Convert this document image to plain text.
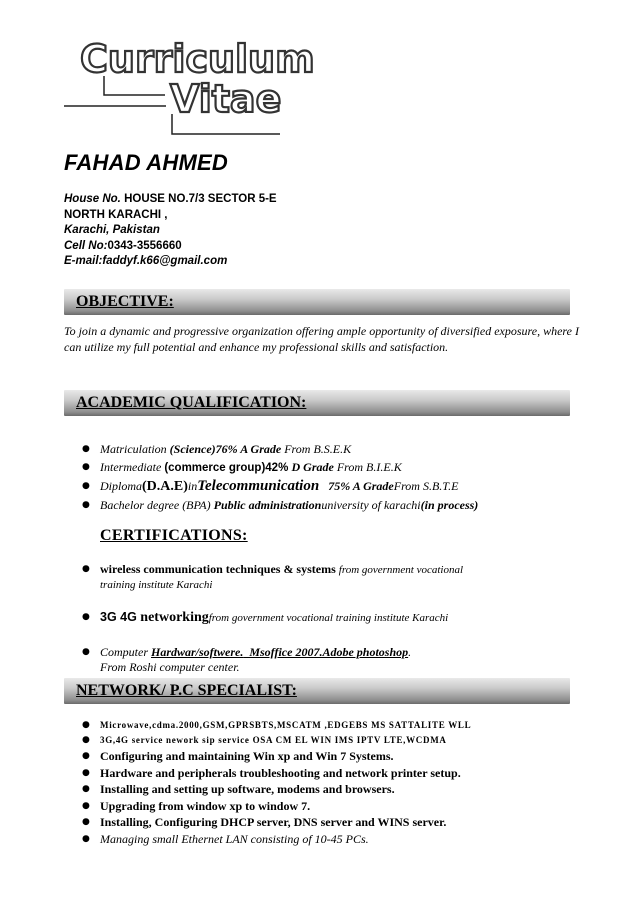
Curriculum
Vitae
FAHAD AHMED
House No. HOUSE NO.7/3 SECTOR 5-E
NORTH KARACHI ,
Karachi, Pakistan
Cell No:0343-3556660
E-mail:faddyf.k66@gmail.com
OBJECTIVE:
To join a dynamic and progressive organization offering ample opportunity of diversified exposure, where I can utilize my full potential and enhance my professional skills and satisfaction.
ACADEMIC QUALIFICATION:
● Matriculation (Science)76% A Grade From B.S.E.K
● Intermediate (commerce group)42% D Grade From B.I.E.K
● Diploma(D.A.E)inTelecommunication   75% A GradeFrom S.B.T.E
● Bachelor degree (BPA) Public administrationuniversity of karachi(in process)
CERTIFICATIONS:
● wireless communication techniques & systems from government vocational
training institute Karachi
● 3G 4G networkingfrom government vocational training institute Karachi
● Computer Hardwar/softwere.  Msoffice 2007.Adobe photoshop.
From Roshi computer center.
NETWORK/ P.C SPECIALIST:
● Microwave,cdma.2000,GSM,GPRSBTS,MSCATM ,EDGEBS MS SATTALITE WLL
● 3G,4G service nework sip service OSA CM EL WIN IMS IPTV LTE,WCDMA
● Configuring and maintaining Win xp and Win 7 Systems.
● Hardware and peripherals troubleshooting and network printer setup.
● Installing and setting up software, modems and browsers.
● Upgrading from window xp to window 7.
● Installing, Configuring DHCP server, DNS server and WINS server.
● Managing small Ethernet LAN consisting of 10-45 PCs.
